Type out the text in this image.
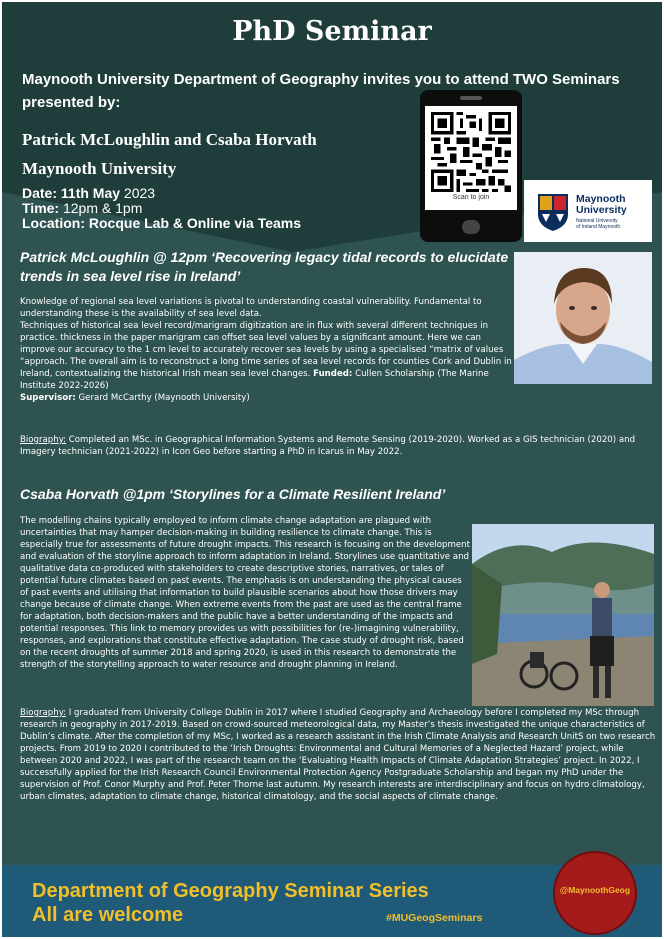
PhD Seminar
Maynooth University Department of Geography invites you to attend TWO Seminars presented by:
Patrick McLoughlin and Csaba Horvath
Maynooth University
Date: 11th May 2023
Time: 12pm & 1pm
Location: Rocque Lab & Online via Teams
Scan to join	Maynooth
University
National University
of Ireland Maynooth
Patrick McLoughlin @ 12pm ‘Recovering legacy tidal records to elucidate trends in sea level rise in Ireland’

Knowledge of regional sea level variations is pivotal to understanding coastal vulnerability. Fundamental to understanding these is the availability of sea level data.

Techniques of historical sea level record/marigram digitization are in flux with several different techniques in practice. thickness in the paper marigram can offset sea level values by a significant amount. Here we can improve our accuracy to the 1 cm level to accurately recover sea levels by using a specialised “matrix of values “approach. The overall aim is to reconstruct a long time series of sea level records for counties Cork and Dublin in Ireland, contextualizing the historical Irish mean sea level changes. Funded: Cullen Scholarship (The Marine Institute 2022-2026)

Supervisor: Gerard McCarthy (Maynooth University)

Biography: Completed an MSc. in Geographical Information Systems and Remote Sensing (2019-2020). Worked as a GIS technician (2020) and Imagery technician (2021-2022) in Icon Geo before starting a PhD in Icarus in May 2022.

Csaba Horvath @1pm ‘Storylines for a Climate Resilient Ireland’

The modelling chains typically employed to inform climate change adaptation are plagued with uncertainties that may hamper decision-making in building resilience to climate change. This is especially true for assessments of future drought impacts. This research is focusing on the development and evaluation of the storyline approach to inform adaptation in Ireland. Storylines use quantitative and qualitative data co-produced with stakeholders to create descriptive stories, narratives, or tales of potential future climates based on past events. The emphasis is on understanding the physical causes of past events and utilising that information to build plausible scenarios about how those drivers may change because of climate change. When extreme events from the past are used as the central frame for adaptation, both decision-makers and the public have a better understanding of the impacts and potential responses. This link to memory provides us with possibilities for (re-)imagining vulnerability, responses, and explorations that constitute effective adaptation. The case study of drought risk, based on the recent droughts of summer 2018 and spring 2020, is used in this research to demonstrate the strength of the storytelling approach to water resource and drought planning in Ireland.

Biography: I graduated from University College Dublin in 2017 where I studied Geography and Archaeology before I completed my MSc through research in geography in 2017-2019. Based on crowd-sourced meteorological data, my Master’s thesis investigated the unique characteristics of Dublin’s climate. After the completion of my MSc, I worked as a research assistant in the Irish Climate Analysis and Research UnitS on two research projects. From 2019 to 2020 I contributed to the ‘Irish Droughts: Environmental and Cultural Memories of a Neglected Hazard’ project, while between 2020 and 2022, I was part of the research team on the ‘Evaluating Health Impacts of Climate Adaptation Strategies’ project. In 2022, I successfully applied for the Irish Research Council Environmental Protection Agency Postgraduate Scholarship and began my PhD under the supervision of Prof. Conor Murphy and Prof. Peter Thorne last autumn. My research interests are interdisciplinary and focus on hydro climatology, urban climates, adaptation to climate change, historical climatology, and the social aspects of climate change.

Department of Geography Seminar Series
All are welcome
@MaynoothGeog
#MUGeogSeminars
